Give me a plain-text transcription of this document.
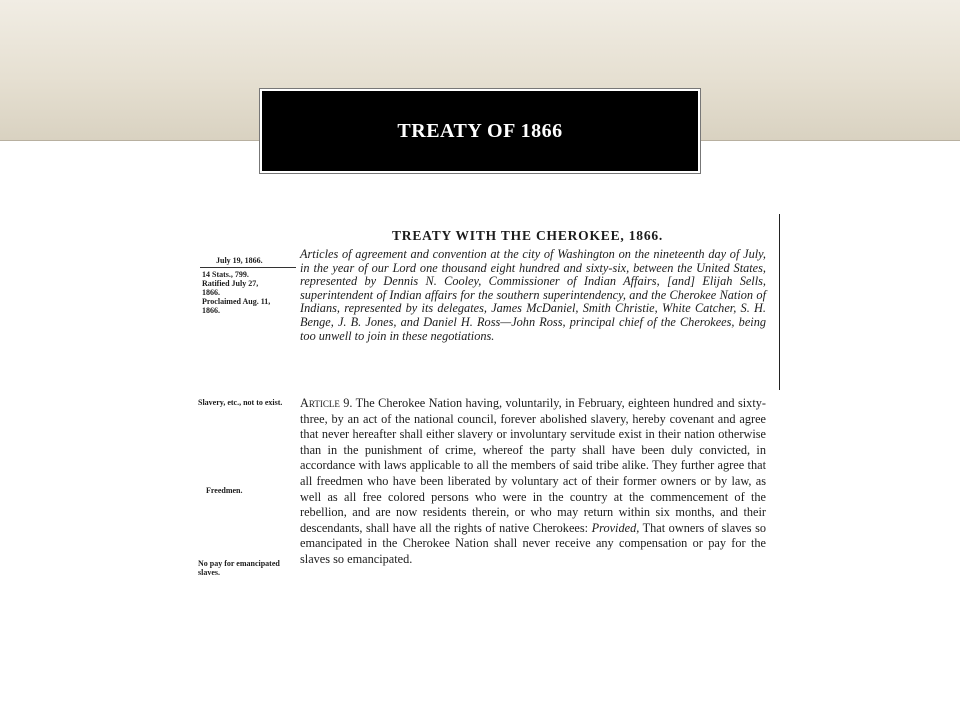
TREATY OF 1866
TREATY WITH THE CHEROKEE, 1866.
July 19, 1866.
14 Stats., 799.
Ratified July 27,
1866.
Proclaimed Aug. 11,
1866.
Articles of agreement and convention at the city of Washington on the nineteenth day of July, in the year of our Lord one thousand eight hundred and sixty-six, between the United States, represented by Dennis N. Cooley, Commissioner of Indian Affairs, [and] Elijah Sells, superintendent of Indian affairs for the southern superintendency, and the Cherokee Nation of Indians, represented by its delegates, James McDaniel, Smith Christie, White Catcher, S. H. Benge, J. B. Jones, and Daniel H. Ross—John Ross, principal chief of the Cherokees, being too unwell to join in these negotiations.
Slavery, etc., not to exist.
Freedmen.
No pay for emancipated slaves.
Article 9. The Cherokee Nation having, voluntarily, in February, eighteen hundred and sixty-three, by an act of the national council, forever abolished slavery, hereby covenant and agree that never hereafter shall either slavery or involuntary servitude exist in their nation otherwise than in the punishment of crime, whereof the party shall have been duly convicted, in accordance with laws applicable to all the members of said tribe alike. They further agree that all freedmen who have been liberated by voluntary act of their former owners or by law, as well as all free colored persons who were in the country at the commencement of the rebellion, and are now residents therein, or who may return within six months, and their descendants, shall have all the rights of native Cherokees: Provided, That owners of slaves so emancipated in the Cherokee Nation shall never receive any compensation or pay for the slaves so emancipated.
